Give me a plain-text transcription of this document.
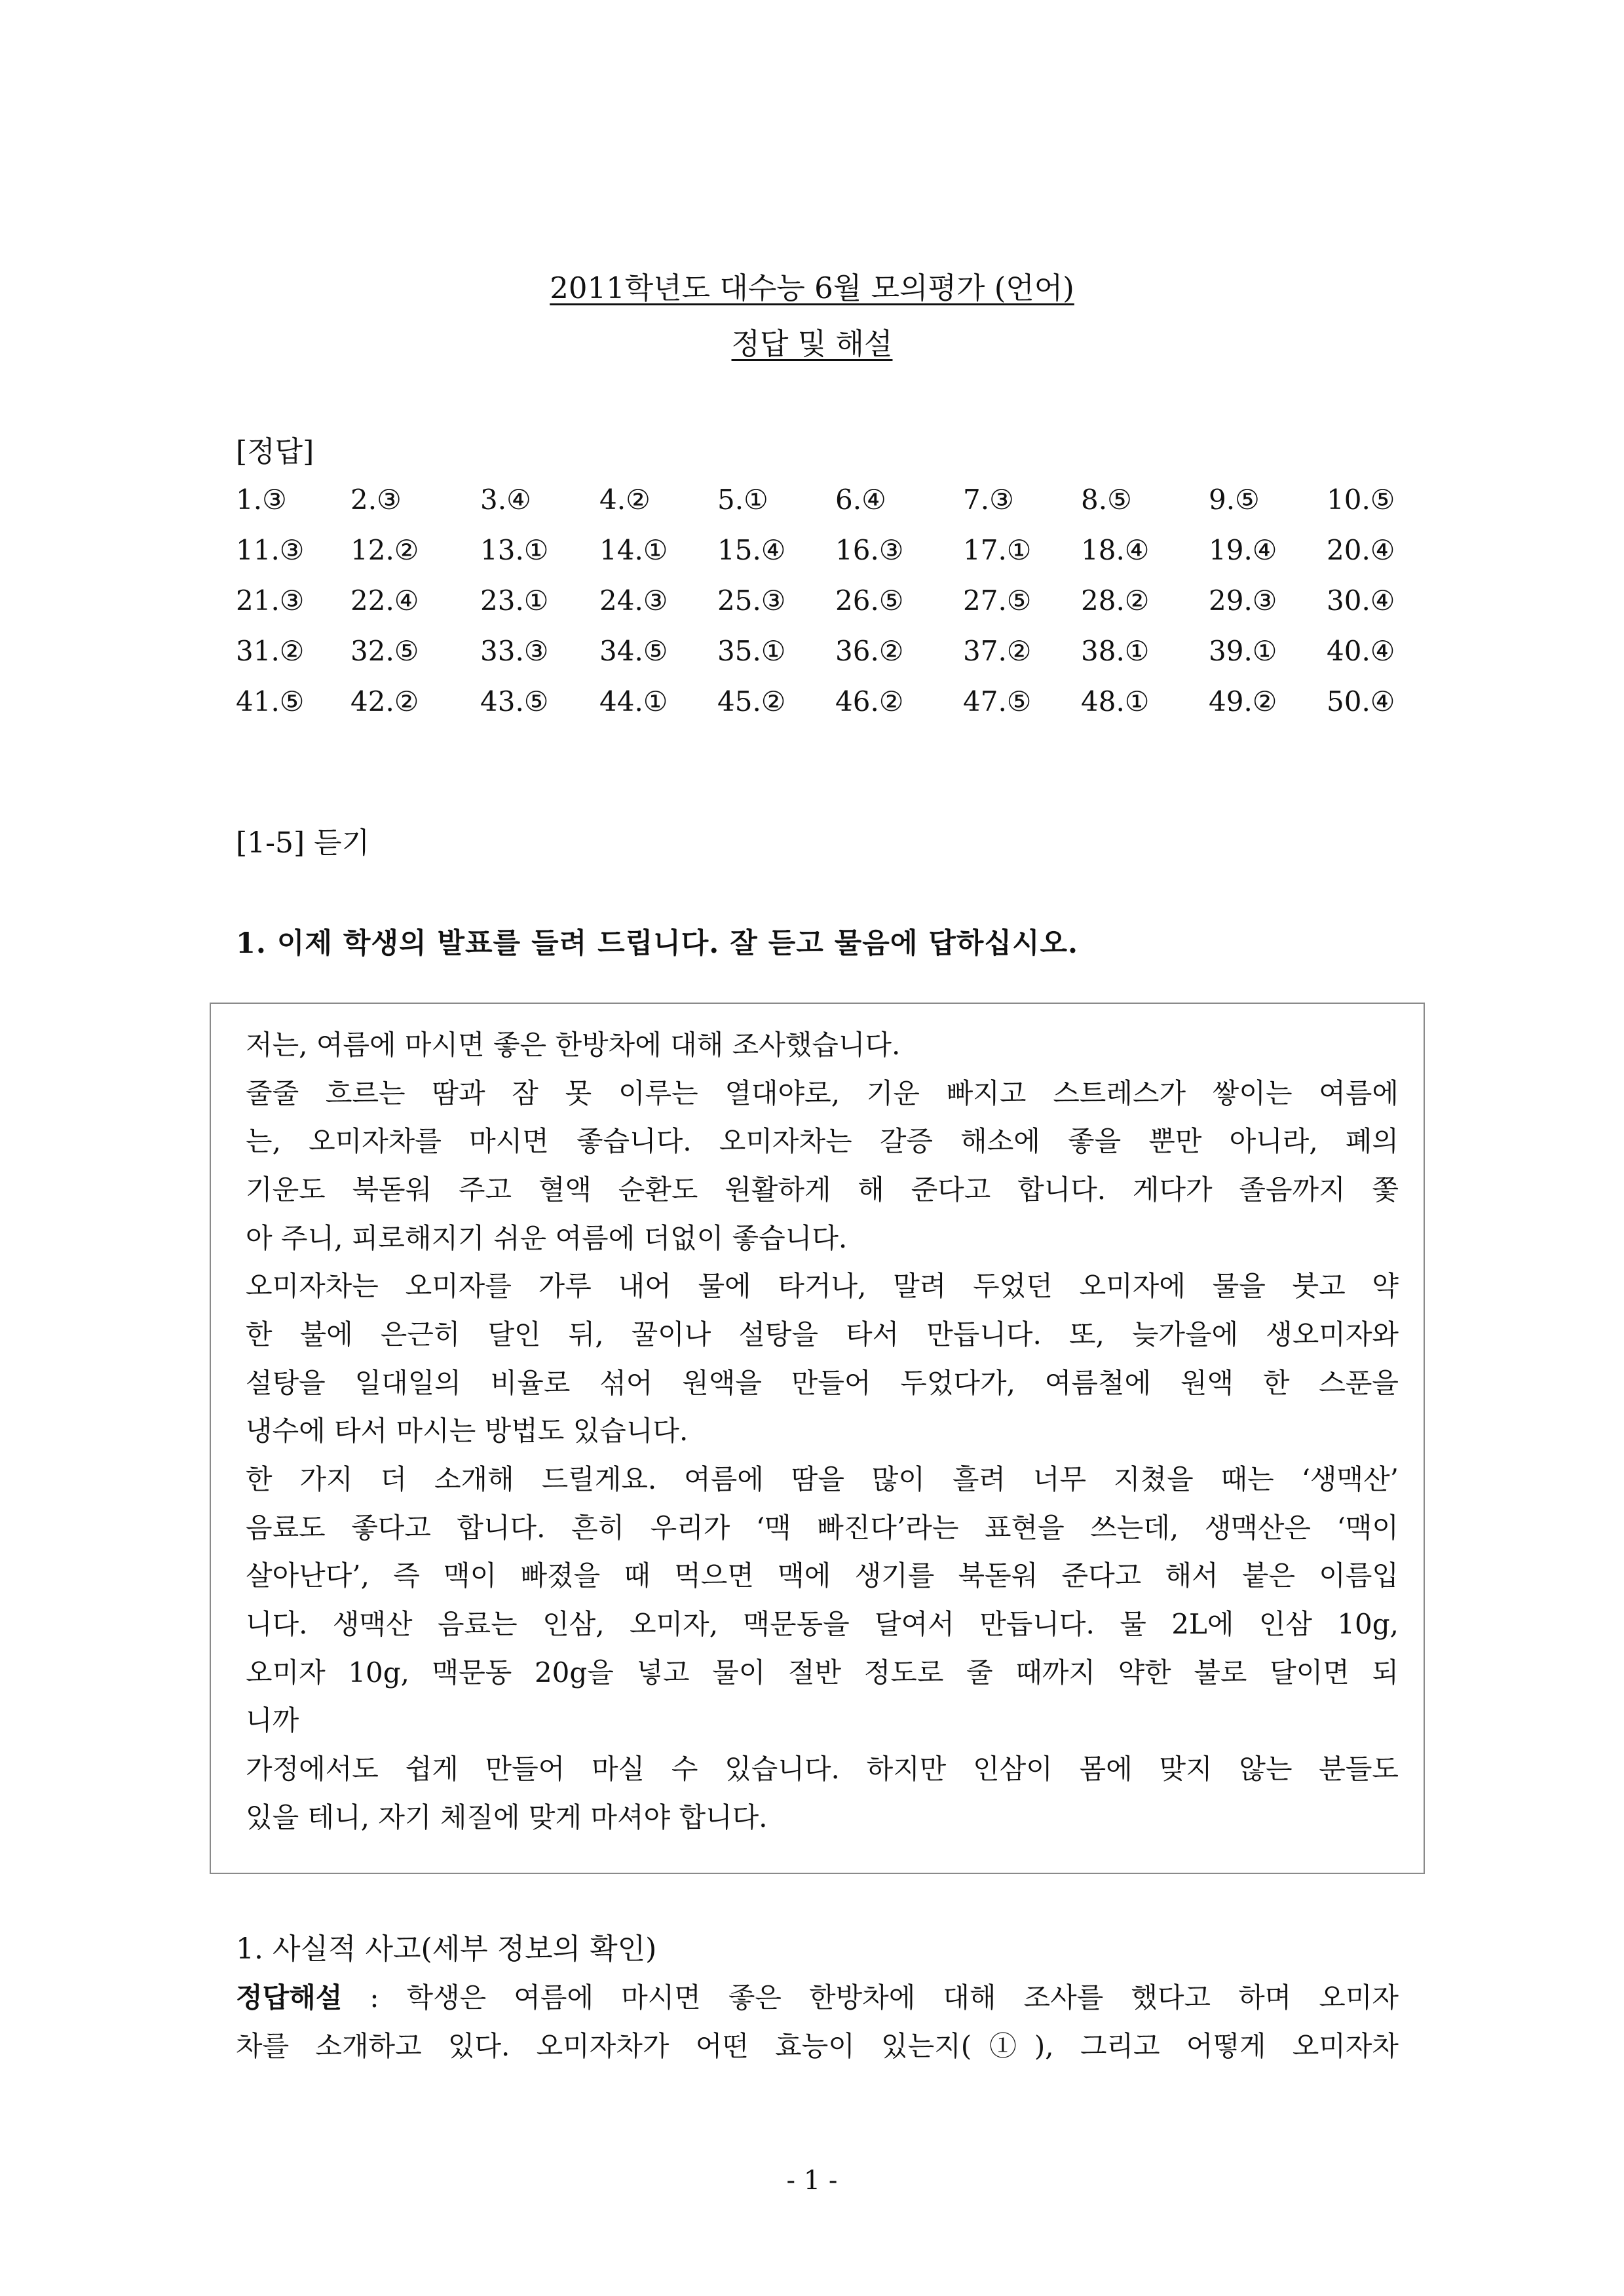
2011학년도 대수능 6월 모의평가 (언어)
정답 및 해설
[정답]
1.③ 2.③	3.④ 4.② 5.① 6.④	7.③ 8.⑤	9.⑤ 10.⑤
11.③ 12.② 13.① 14.① 15.④ 16.③ 17.① 18.④ 19.④ 20.④
21.③ 22.④ 23.① 24.③ 25.③ 26.⑤ 27.⑤ 28.② 29.③ 30.④
31.② 32.⑤ 33.③ 34.⑤ 35.① 36.② 37.② 38.① 39.① 40.④
41.⑤ 42.② 43.⑤ 44.① 45.② 46.② 47.⑤ 48.① 49.② 50.④
[1-5] 듣기
1. 이제 학생의 발표를 들려 드립니다. 잘 듣고 물음에 답하십시오.
저는, 여름에 마시면 좋은 한방차에 대해 조사했습니다.
줄줄 흐르는 땀과 잠 못 이루는 열대야로, 기운 빠지고 스트레스가 쌓이는 여름에
는, 오미자차를 마시면 좋습니다. 오미자차는 갈증 해소에 좋을 뿐만 아니라, 폐의
기운도 북돋워 주고 혈액 순환도 원활하게 해 준다고 합니다. 게다가 졸음까지 쫓
아 주니, 피로해지기 쉬운 여름에 더없이 좋습니다.
오미자차는 오미자를 가루 내어 물에 타거나, 말려 두었던 오미자에 물을 붓고 약
한 불에 은근히 달인 뒤, 꿀이나 설탕을 타서 만듭니다. 또, 늦가을에 생오미자와
설탕을 일대일의 비율로 섞어 원액을 만들어 두었다가, 여름철에 원액 한 스푼을
냉수에 타서 마시는 방법도 있습니다.
한 가지 더 소개해 드릴게요. 여름에 땀을 많이 흘려 너무 지쳤을 때는 ‘생맥산’
음료도 좋다고 합니다. 흔히 우리가 ‘맥 빠진다’라는 표현을 쓰는데, 생맥산은 ‘맥이
살아난다’, 즉 맥이 빠졌을 때 먹으면 맥에 생기를 북돋워 준다고 해서 붙은 이름입
니다. 생맥산 음료는 인삼, 오미자, 맥문동을 달여서 만듭니다. 물 2L에 인삼 10g,
오미자 10g, 맥문동 20g을 넣고 물이 절반 정도로 줄 때까지 약한 불로 달이면 되
니까
가정에서도 쉽게 만들어 마실 수 있습니다. 하지만 인삼이 몸에 맞지 않는 분들도
있을 테니, 자기 체질에 맞게 마셔야 합니다.
1. 사실적 사고(세부 정보의 확인)
정답해설 : 학생은 여름에 마시면 좋은 한방차에 대해 조사를 했다고 하며 오미자
차를 소개하고 있다. 오미자차가 어떤 효능이 있는지(①), 그리고 어떻게 오미자차
- 1 -
